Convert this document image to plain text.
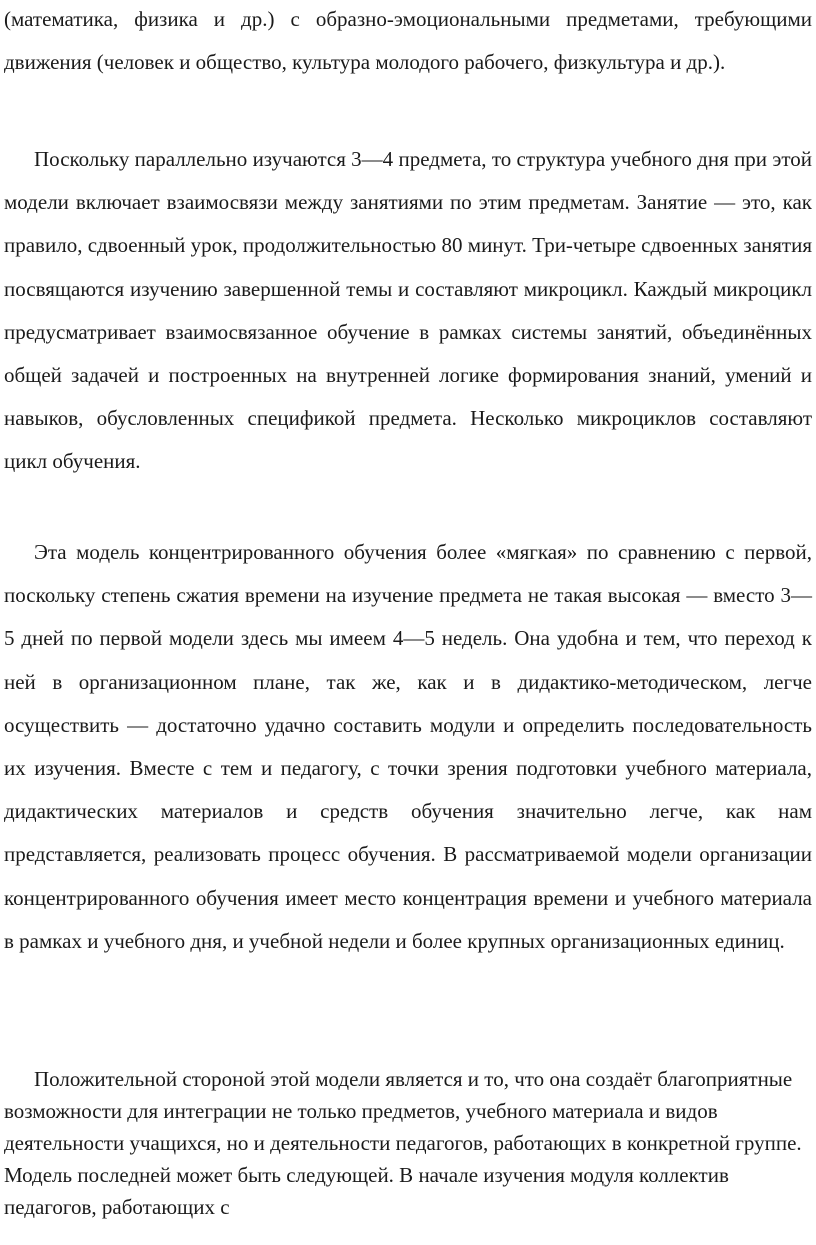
(математика, физика и др.) с образно-эмоциональными предметами, требующими движения (человек и общество, культура молодого рабочего, физкультура и др.).

Поскольку параллельно изучаются 3—4 предмета, то структура учебного дня при этой модели включает взаимосвязи между занятиями по этим предметам. Занятие — это, как правило, сдвоенный урок, продолжительностью 80 минут. Три-четыре сдвоенных занятия посвящаются изучению завершенной темы и составляют микроцикл. Каждый микроцикл предусматривает взаимосвязанное обучение в рамках системы занятий, объединённых общей задачей и построенных на внутренней логике формирования знаний, умений и навыков, обусловленных спецификой предмета. Несколько микроциклов составляют цикл обучения.

Эта модель концентрированного обучения более «мягкая» по сравнению с первой, поскольку степень сжатия времени на изучение предмета не такая высокая — вместо 3—5 дней по первой модели здесь мы имеем 4—5 недель. Она удобна и тем, что переход к ней в организационном плане, так же, как и в дидактико-методическом, легче осуществить — достаточно удачно составить модули и определить последовательность их изучения. Вместе с тем и педагогу, с точки зрения подготовки учебного материала, дидактических материалов и средств обучения значительно легче, как нам представляется, реализовать процесс обучения. В рассматриваемой модели организации концентрированного обучения имеет место концентрация времени и учебного материала в рамках и учебного дня, и учебной недели и более крупных организационных единиц.

Положительной стороной этой модели является и то, что она создаёт благоприятные возможности для интеграции не только предметов, учебного материала и видов деятельности учащихся, но и деятельности педагогов, работающих в конкретной группе. Модель последней может быть следующей. В начале изучения модуля коллектив педагогов, работающих с
